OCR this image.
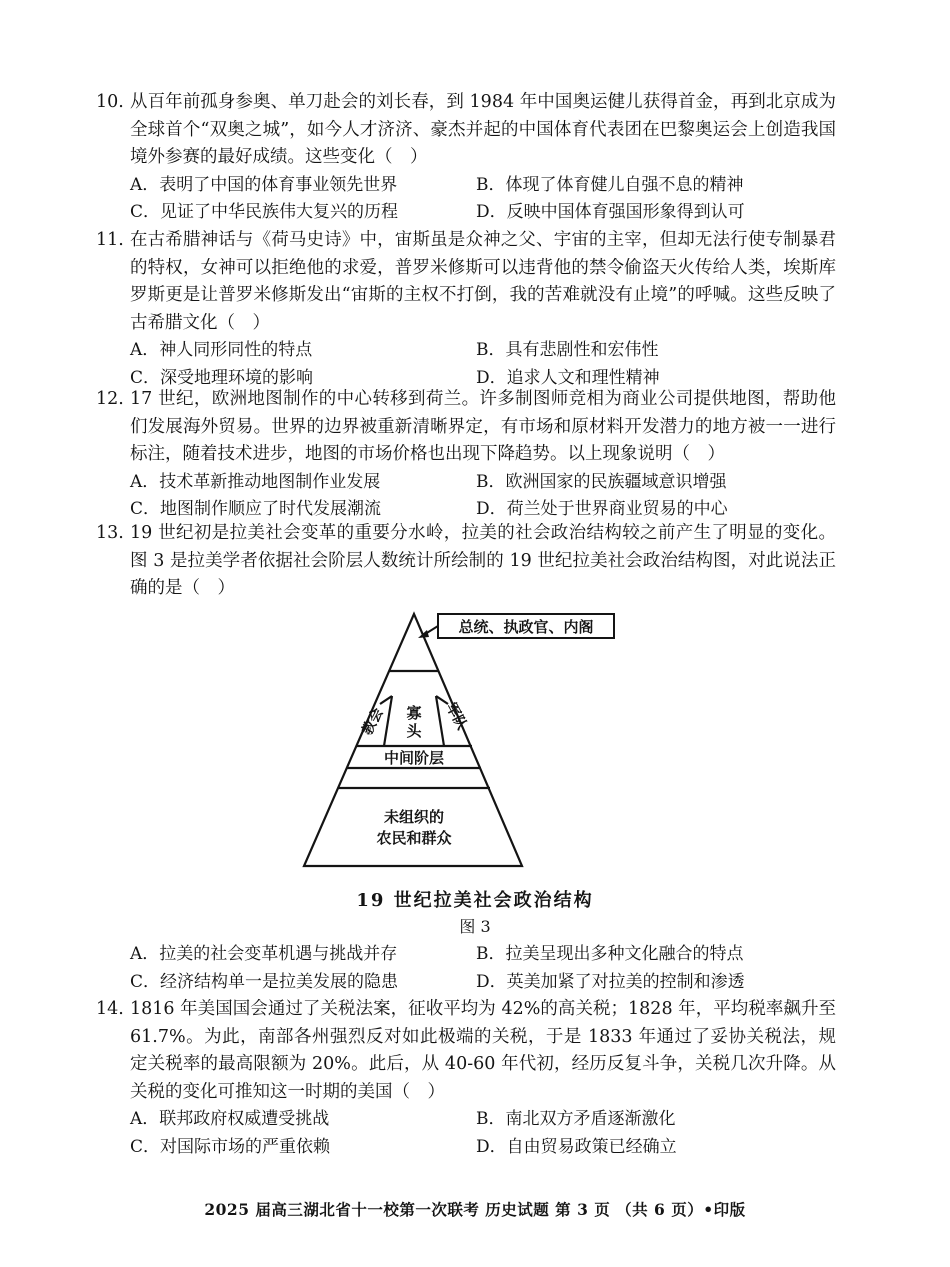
10. 从百年前孤身参奥、单刀赴会的刘长春，到 1984 年中国奥运健儿获得首金，再到北京成为全球首个“双奥之城”，如今人才济济、豪杰并起的中国体育代表团在巴黎奥运会上创造我国境外参赛的最好成绩。这些变化（　）
A．表明了中国的体育事业领先世界	B．体现了体育健儿自强不息的精神
C．见证了中华民族伟大复兴的历程	D．反映中国体育强国形象得到认可
11. 在古希腊神话与《荷马史诗》中，宙斯虽是众神之父、宇宙的主宰，但却无法行使专制暴君的特权，女神可以拒绝他的求爱，普罗米修斯可以违背他的禁令偷盗天火传给人类，埃斯库罗斯更是让普罗米修斯发出“宙斯的主权不打倒，我的苦难就没有止境”的呼喊。这些反映了古希腊文化（　）
A．神人同形同性的特点	B．具有悲剧性和宏伟性
C．深受地理环境的影响	D．追求人文和理性精神
12. 17 世纪，欧洲地图制作的中心转移到荷兰。许多制图师竞相为商业公司提供地图，帮助他们发展海外贸易。世界的边界被重新清晰界定，有市场和原材料开发潜力的地方被一一进行标注，随着技术进步，地图的市场价格也出现下降趋势。以上现象说明（　）
A．技术革新推动地图制作业发展	B．欧洲国家的民族疆域意识增强
C．地图制作顺应了时代发展潮流	D．荷兰处于世界商业贸易的中心
13. 19 世纪初是拉美社会变革的重要分水岭，拉美的社会政治结构较之前产生了明显的变化。图 3 是拉美学者依据社会阶层人数统计所绘制的 19 世纪拉美社会政治结构图，对此说法正确的是（　）
总统、执政官、内阁
教会 寡
头 军队
中间阶层
未组织的
农民和群众
19 世纪拉美社会政治结构
图 3
A．拉美的社会变革机遇与挑战并存	B．拉美呈现出多种文化融合的特点
C．经济结构单一是拉美发展的隐患	D．英美加紧了对拉美的控制和渗透
14. 1816 年美国国会通过了关税法案，征收平均为 42%的高关税；1828 年，平均税率飙升至 61.7%。为此，南部各州强烈反对如此极端的关税，于是 1833 年通过了妥协关税法，规定关税率的最高限额为 20%。此后，从 40-60 年代初，经历反复斗争，关税几次升降。从关税的变化可推知这一时期的美国（　）
A．联邦政府权威遭受挑战	B．南北双方矛盾逐渐激化
C．对国际市场的严重依赖	D．自由贸易政策已经确立
2025 届高三湖北省十一校第一次联考 历史试题 第 3 页 （共 6 页）•印版
